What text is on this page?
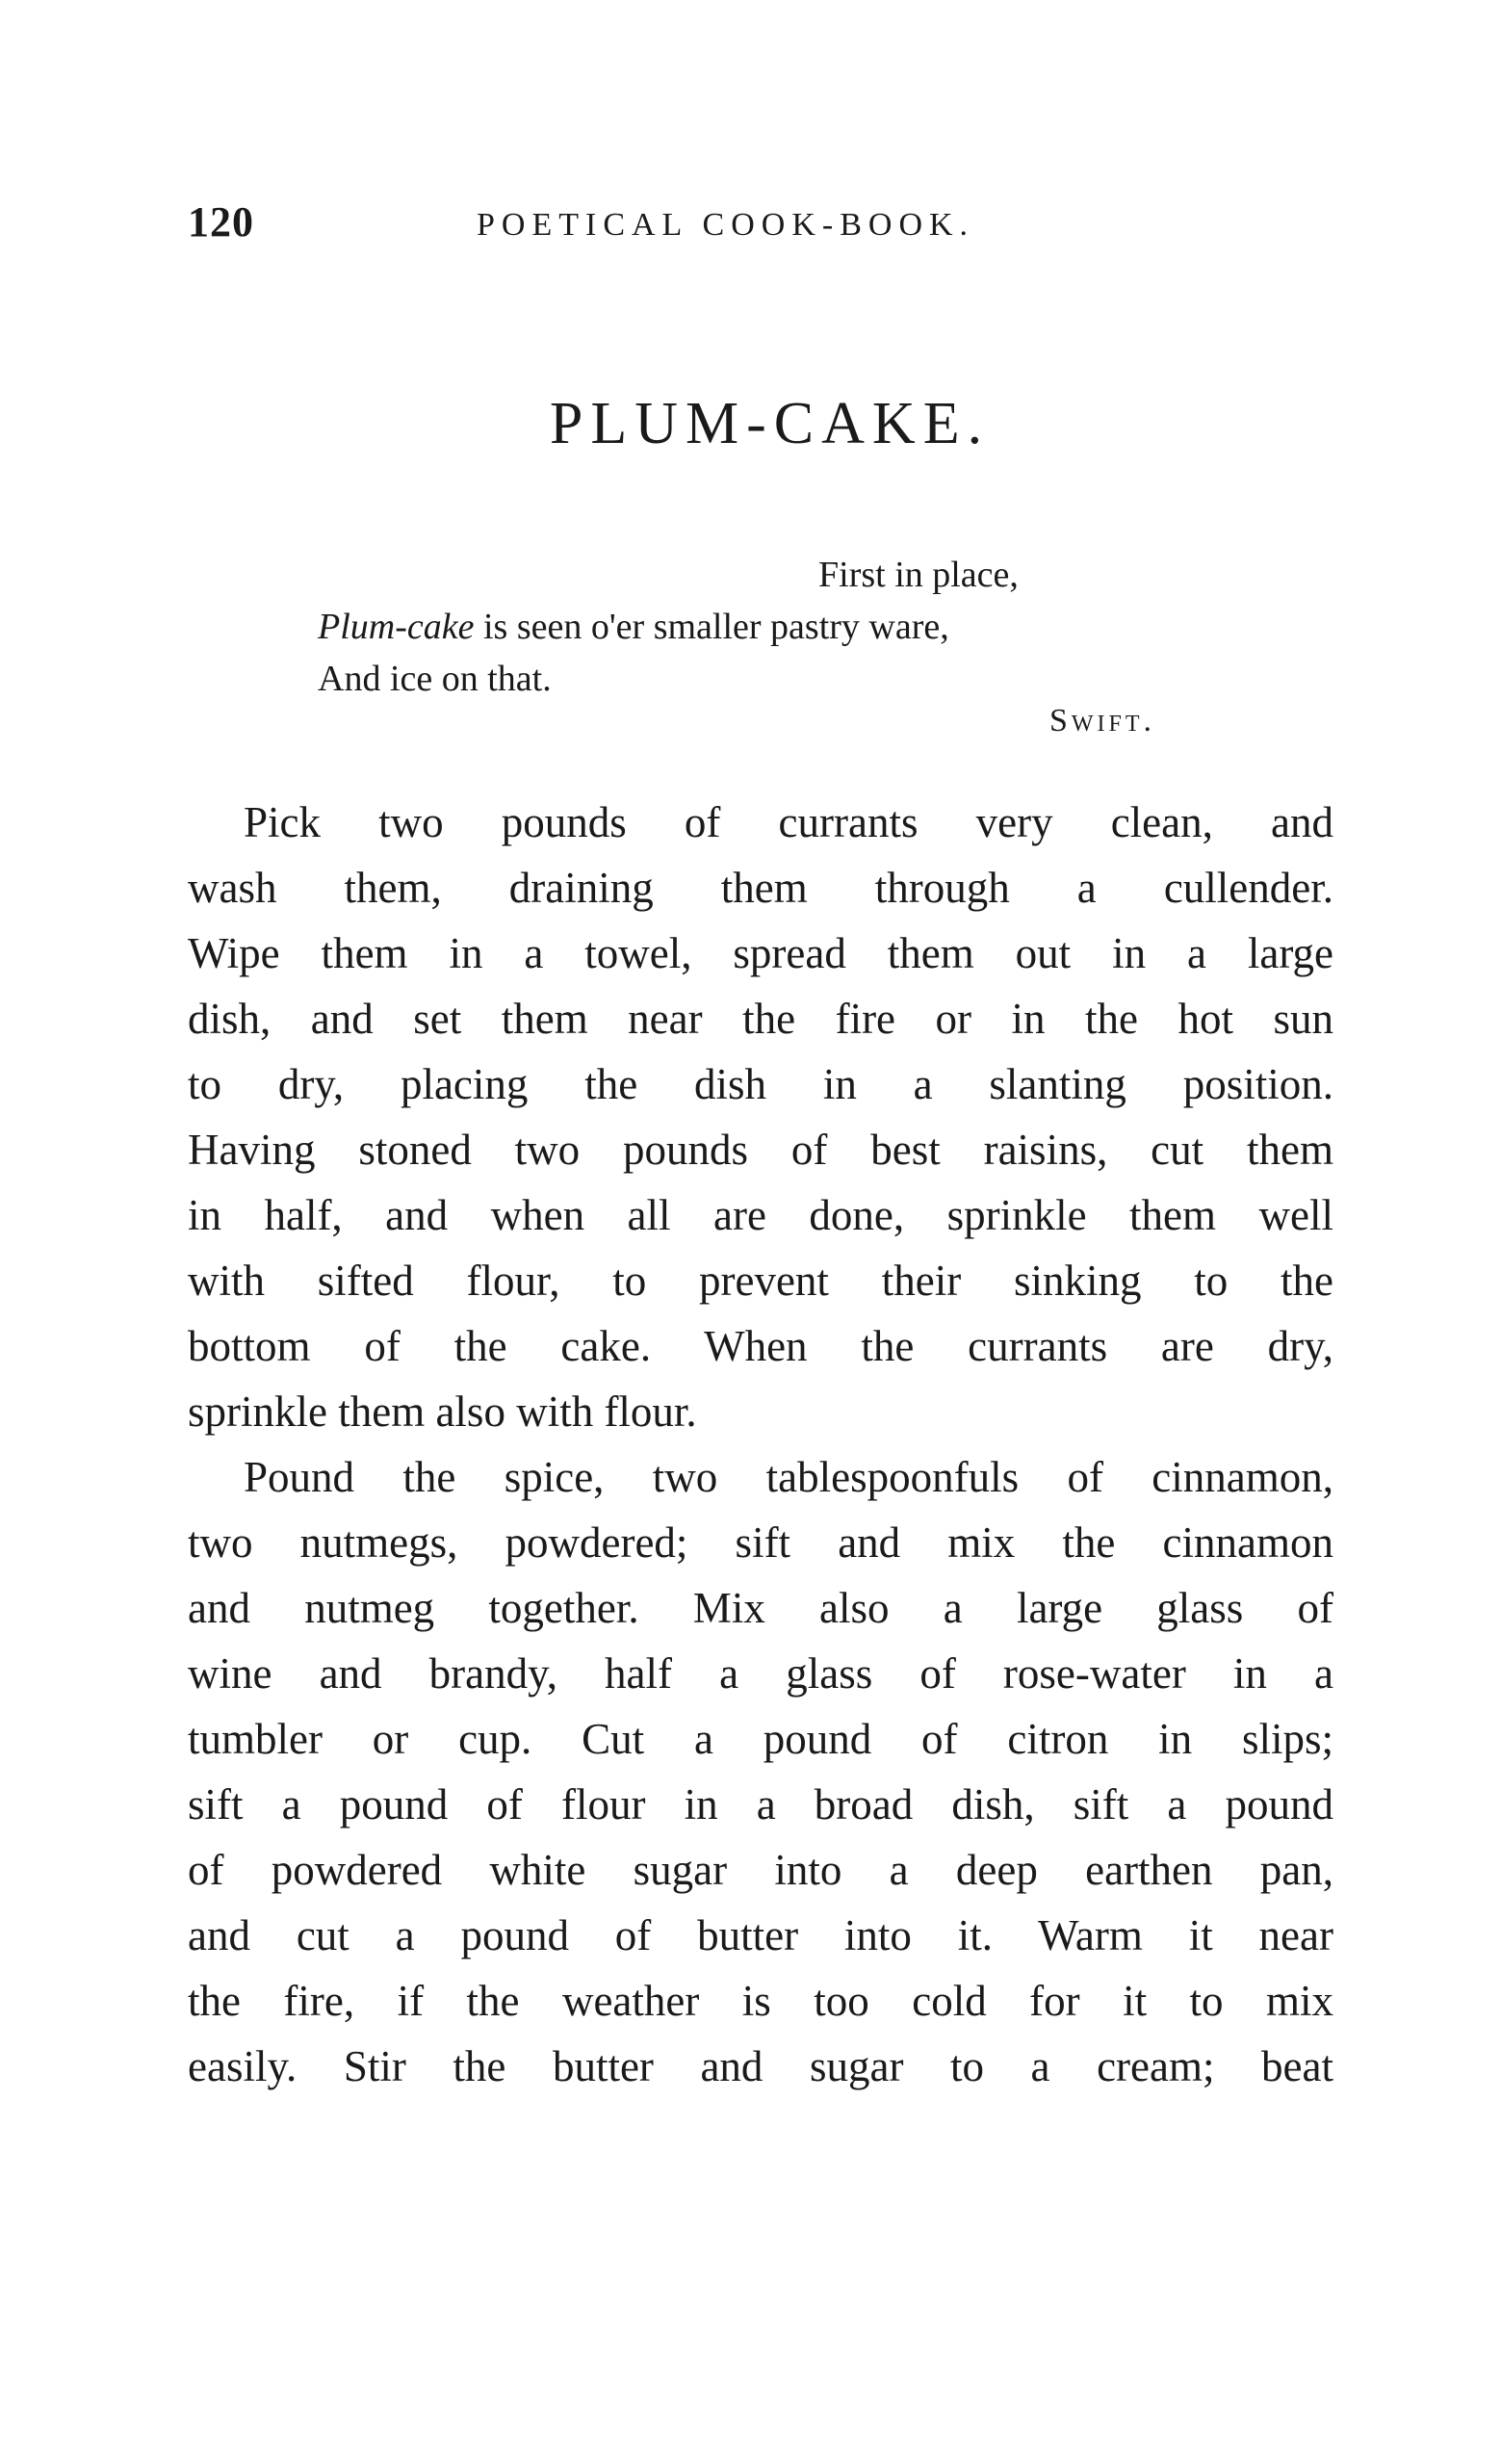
120	POETICAL COOK-BOOK.
PLUM-CAKE.
First in place,
Plum-cake is seen o'er smaller pastry ware,
And ice on that.
Swift.
Pick two pounds of currants very clean, and
wash them, draining them through a cullender.
Wipe them in a towel, spread them out in a large
dish, and set them near the fire or in the hot sun
to dry, placing the dish in a slanting position.
Having stoned two pounds of best raisins, cut them
in half, and when all are done, sprinkle them well
with sifted flour, to prevent their sinking to the
bottom of the cake. When the currants are dry,
sprinkle them also with flour.
Pound the spice, two tablespoonfuls of cinnamon,
two nutmegs, powdered; sift and mix the cinnamon
and nutmeg together. Mix also a large glass of
wine and brandy, half a glass of rose-water in a
tumbler or cup. Cut a pound of citron in slips;
sift a pound of flour in a broad dish, sift a pound
of powdered white sugar into a deep earthen pan,
and cut a pound of butter into it. Warm it near
the fire, if the weather is too cold for it to mix
easily. Stir the butter and sugar to a cream; beat
